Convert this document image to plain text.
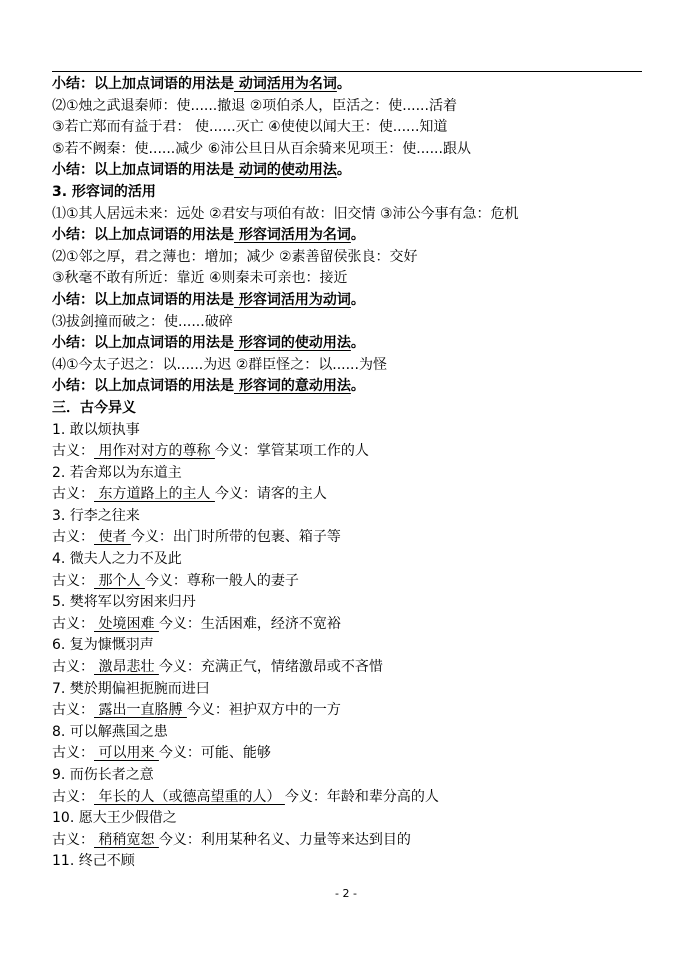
小结：以上加点词语的用法是 动词活用为名词。
⑵①烛之武退秦师：使......撤退 ②项伯杀人，臣活之：使......活着
③若亡郑而有益于君： 使......灭亡 ④使使以闻大王：使......知道
⑤若不阙秦：使......减少 ⑥沛公旦日从百余骑来见项王：使......跟从
小结：以上加点词语的用法是 动词的使动用法。
3. 形容词的活用
⑴①其人居远未来：远处 ②君安与项伯有故：旧交情 ③沛公今事有急：危机
小结：以上加点词语的用法是 形容词活用为名词。
⑵①邻之厚，君之薄也：增加；减少 ②素善留侯张良：交好
③秋毫不敢有所近：靠近 ④则秦未可亲也：接近
小结：以上加点词语的用法是 形容词活用为动词。
⑶拔剑撞而破之：使......破碎
小结：以上加点词语的用法是 形容词的使动用法。
⑷①今太子迟之：以......为迟 ②群臣怪之：以......为怪
小结：以上加点词语的用法是 形容词的意动用法。
三．古今异义
1. 敢以烦执事
古义： 用作对对方的尊称 今义：掌管某项工作的人
2. 若舍郑以为东道主
古义： 东方道路上的主人 今义：请客的主人
3. 行李之往来
古义： 使者 今义：出门时所带的包裹、箱子等
4. 微夫人之力不及此
古义： 那个人 今义：尊称一般人的妻子
5. 樊将军以穷困来归丹
古义： 处境困难 今义：生活困难，经济不宽裕
6. 复为慷慨羽声
古义： 激昂悲壮 今义：充满正气，情绪激昂或不吝惜
7. 樊於期偏袒扼腕而进曰
古义： 露出一直胳膊 今义：袒护双方中的一方
8. 可以解燕国之患
古义： 可以用来 今义：可能、能够
9. 而伤长者之意
古义： 年长的人（或德高望重的人） 今义：年龄和辈分高的人
10. 愿大王少假借之
古义： 稍稍宽恕 今义：利用某种名义、力量等来达到目的
11. 终己不顾
- 2 -
